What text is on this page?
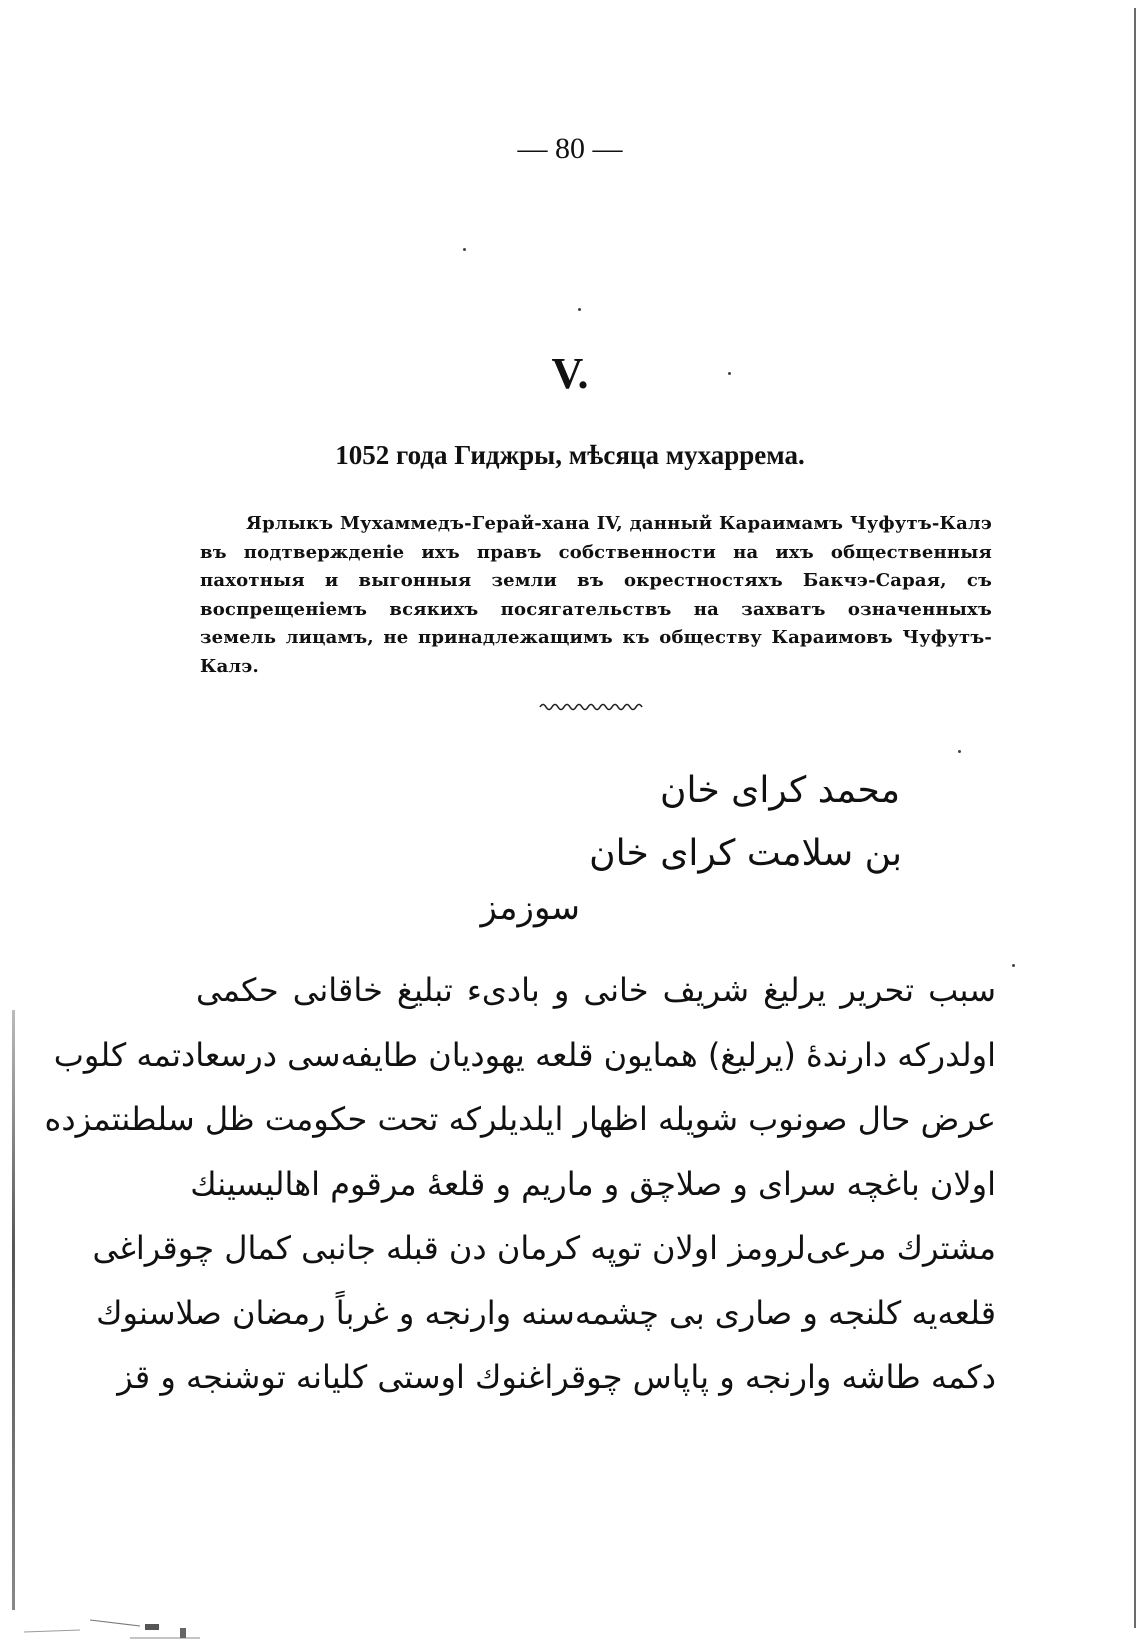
— 80 —
V.
1052 года Гиджры, мѣсяца мухаррема.
Ярлыкъ Мухаммедъ-Герай-хана IV, данный Караимамъ Чуфутъ-Калэ въ подтвержденіе ихъ правъ собственности на ихъ общественныя пахотныя и выгонныя земли въ окрестностяхъ Бакчэ-Сарая, съ воспрещеніемъ всякихъ посягательствъ на захватъ означенныхъ земель лицамъ, не принадлежащимъ къ обществу Караимовъ Чуфутъ-Калэ.
محمد كراى خان
بن سلامت كراى خان
سوزمز
سبب تحرير يرليغ شريف خانى و بادىء تبليغ خاقانى حكمى
اولدركه دارندهٔ (يرليغ) همايون قلعه يهوديان طايفه‌سى درسعادتمه كلوب
عرض حال صونوب شويله اظهار ايلديلركه تحت حكومت ظل سلطنتمزده
اولان باغچه سراى و صلاچق و ماريم و قلعهٔ مرقوم اهاليسينك
مشترك مرعى‌لرومز اولان توپه كرمان دن قبله جانبى كمال چوقراغى
قلعه‌يه كلنجه و صارى بى چشمه‌سنه وارنجه و غرباً رمضان صلاسنوك
دكمه طاشه وارنجه و پاپاس چوقراغنوك اوستى كليانه توشنجه و قز
